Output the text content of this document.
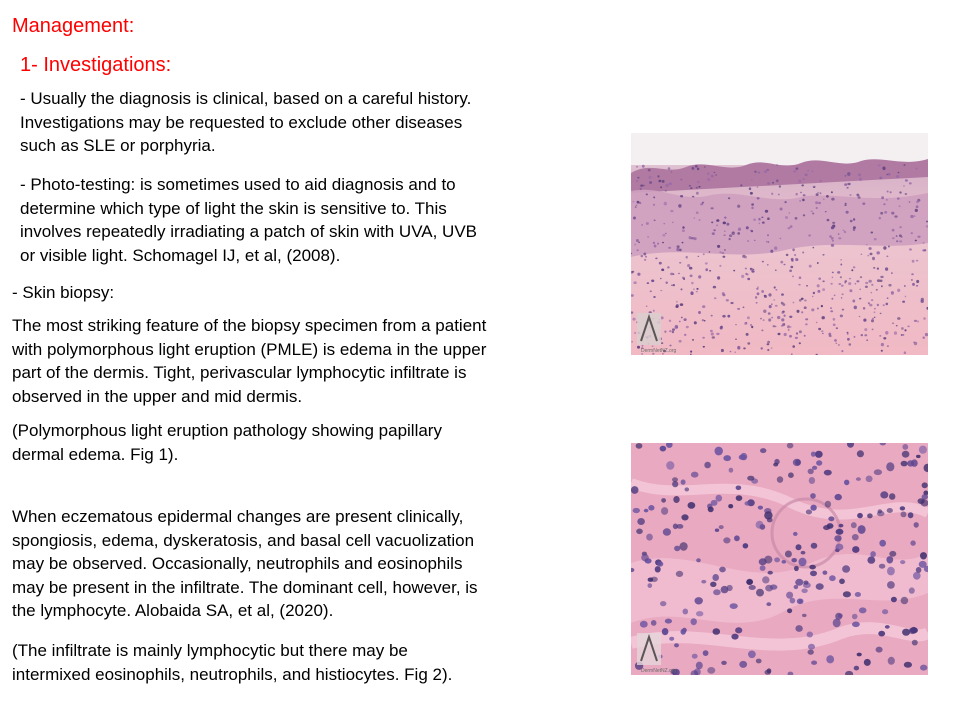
Management:
1- Investigations:
- Usually the diagnosis is clinical, based on a careful history.
Investigations may be requested to exclude other diseases
such as SLE or porphyria.
- Photo-testing: is sometimes used to aid diagnosis and to
determine which type of light the skin is sensitive to. This
involves repeatedly irradiating a patch of skin with UVA, UVB
or visible light. Schomagel IJ, et al, (2008).
- Skin biopsy:
The most striking feature of the biopsy specimen from a patient
with polymorphous light eruption (PMLE) is edema in the upper
part of the dermis. Tight, perivascular lymphocytic infiltrate is
observed in the upper and mid dermis.
(Polymorphous light eruption pathology showing papillary
dermal edema. Fig 1).
When eczematous epidermal changes are present clinically,
spongiosis, edema, dyskeratosis, and basal cell vacuolization
may be observed. Occasionally, neutrophils and eosinophils
may be present in the infiltrate. The dominant cell, however, is
the lymphocyte. Alobaida SA, et al, (2020).
(The infiltrate is mainly lymphocytic but there may be
intermixed eosinophils, neutrophils, and histiocytes. Fig 2).
DermNetNZ.org
DermNetNZ.org
